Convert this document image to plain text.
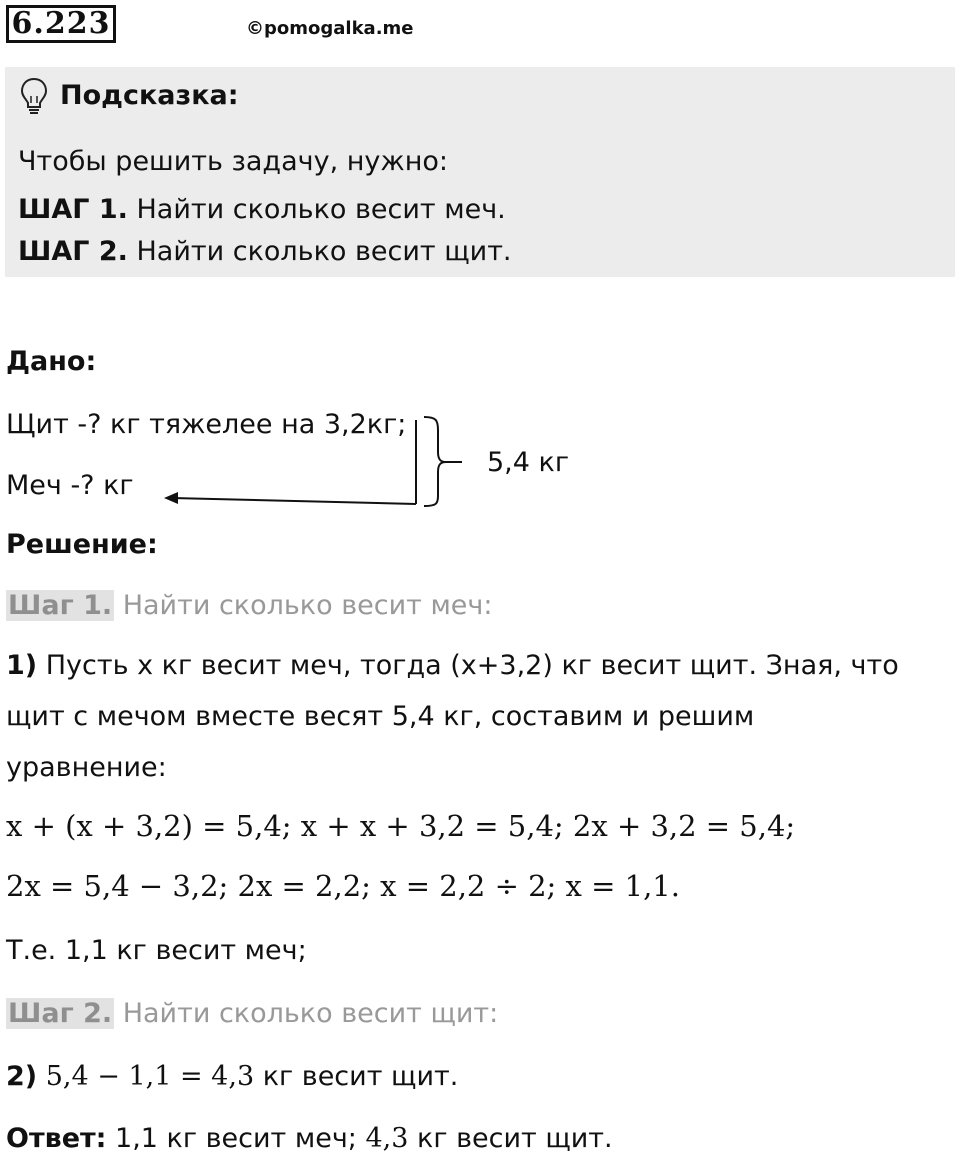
6.223	©pomogalka.me
Подсказка:
Чтобы решить задачу, нужно:
ШАГ 1. Найти сколько весит меч.
ШАГ 2. Найти сколько весит щит.
Дано:
Щит -? кг тяжелее на 3,2кг;
Меч -? кг
5,4 кг
Решение:
Шаг 1. Найти сколько весит меч:
1) Пусть x кг весит меч, тогда (x+3,2) кг весит щит. Зная, что
щит с мечом вместе весят 5,4 кг, составим и решим
уравнение:
x + (x + 3,2) = 5,4; x + x + 3,2 = 5,4; 2x + 3,2 = 5,4;
2x = 5,4 − 3,2; 2x = 2,2; x = 2,2 ÷ 2; x = 1,1.
Т.е. 1,1 кг весит меч;
Шаг 2. Найти сколько весит щит:
2) 5,4 − 1,1 = 4,3 кг весит щит.
Ответ: 1,1 кг весит меч; 4,3 кг весит щит.
